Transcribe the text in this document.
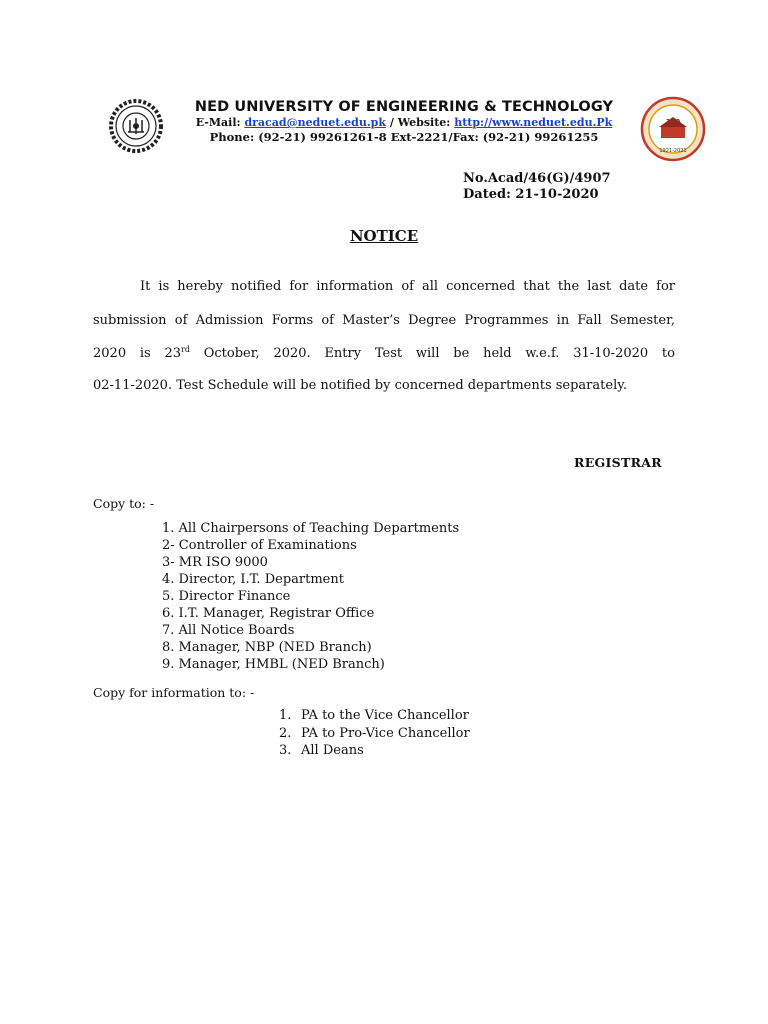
NED UNIVERSITY OF ENGINEERING & TECHNOLOGY
E-Mail: dracad@neduet.edu.pk / Website: http://www.neduet.edu.Pk
Phone: (92-21) 99261261-8 Ext-2221/Fax: (92-21) 99261255
100
1921-2021
No.Acad/46(G)/4907
Dated: 21-10-2020
NOTICE
It is hereby notified for information of all concerned that the last date for
submission of Admission Forms of Master’s Degree Programmes in Fall Semester,
2020 is 23rd October, 2020. Entry Test will be held w.e.f. 31-10-2020 to
02-11-2020. Test Schedule will be notified by concerned departments separately.
REGISTRAR
Copy to: -
1. All Chairpersons of Teaching Departments
2- Controller of Examinations
3- MR ISO 9000
4. Director, I.T. Department
5. Director Finance
6. I.T. Manager, Registrar Office
7. All Notice Boards
8. Manager, NBP (NED Branch)
9. Manager, HMBL (NED Branch)
Copy for information to: -
1. PA to the Vice Chancellor
2. PA to Pro-Vice Chancellor
3. All Deans
